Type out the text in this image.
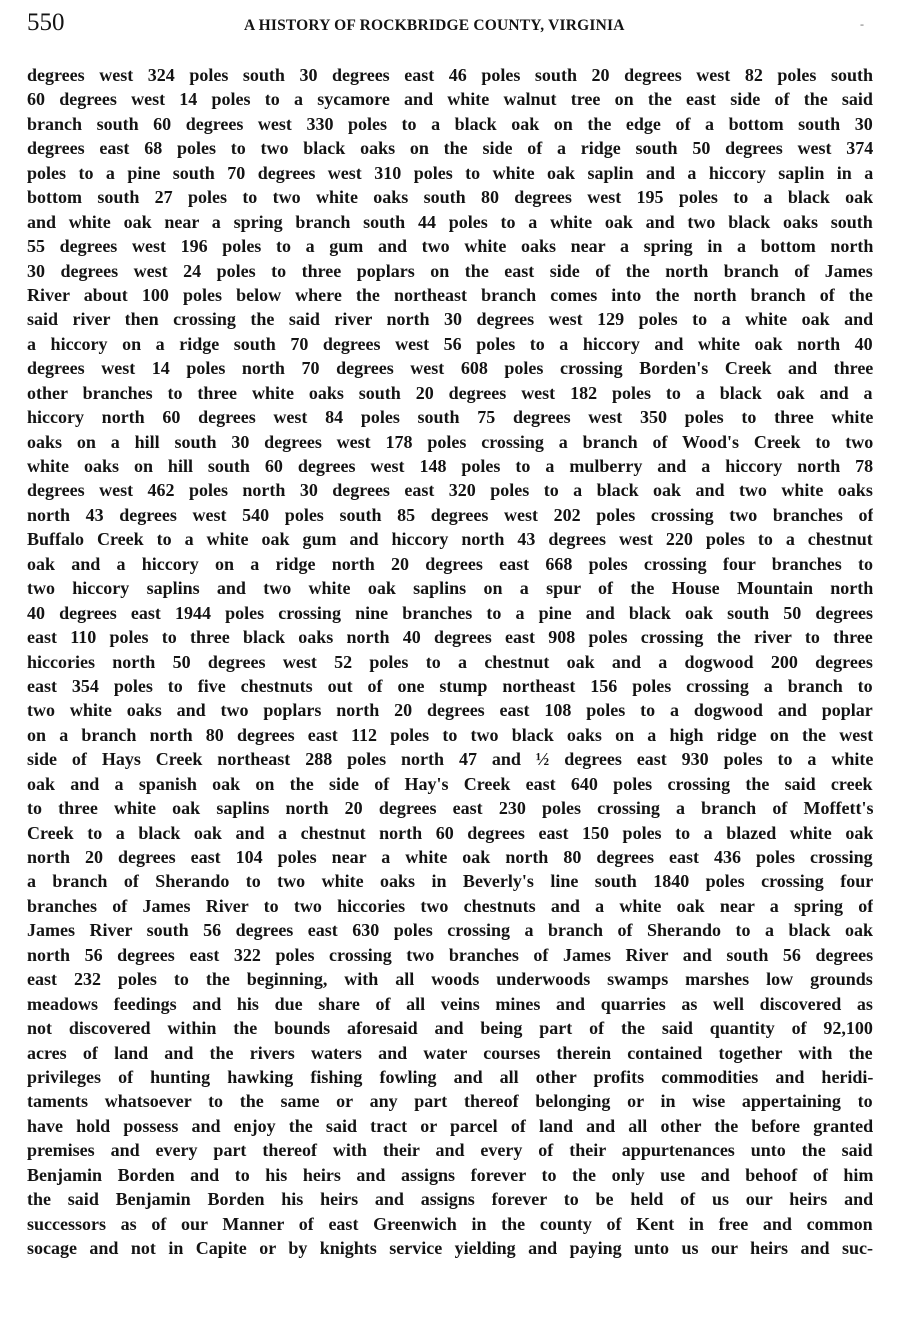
550	A HISTORY OF ROCKBRIDGE COUNTY, VIRGINIA	-
degrees west 324 poles south 30 degrees east 46 poles south 20 degrees west 82 poles south
60 degrees west 14 poles to a sycamore and white walnut tree on the east side of the said
branch south 60 degrees west 330 poles to a black oak on the edge of a bottom south 30
degrees east 68 poles to two black oaks on the side of a ridge south 50 degrees west 374
poles to a pine south 70 degrees west 310 poles to white oak saplin and a hiccory saplin in a
bottom south 27 poles to two white oaks south 80 degrees west 195 poles to a black oak
and white oak near a spring branch south 44 poles to a white oak and two black oaks south
55 degrees west 196 poles to a gum and two white oaks near a spring in a bottom north
30 degrees west 24 poles to three poplars on the east side of the north branch of James
River about 100 poles below where the northeast branch comes into the north branch of the
said river then crossing the said river north 30 degrees west 129 poles to a white oak and
a hiccory on a ridge south 70 degrees west 56 poles to a hiccory and white oak north 40
degrees west 14 poles north 70 degrees west 608 poles crossing Borden's Creek and three
other branches to three white oaks south 20 degrees west 182 poles to a black oak and a
hiccory north 60 degrees west 84 poles south 75 degrees west 350 poles to three white
oaks on a hill south 30 degrees west 178 poles crossing a branch of Wood's Creek to two
white oaks on hill south 60 degrees west 148 poles to a mulberry and a hiccory north 78
degrees west 462 poles north 30 degrees east 320 poles to a black oak and two white oaks
north 43 degrees west 540 poles south 85 degrees west 202 poles crossing two branches of
Buffalo Creek to a white oak gum and hiccory north 43 degrees west 220 poles to a chestnut
oak and a hiccory on a ridge north 20 degrees east 668 poles crossing four branches to
two hiccory saplins and two white oak saplins on a spur of the House Mountain north
40 degrees east 1944 poles crossing nine branches to a pine and black oak south 50 degrees
east 110 poles to three black oaks north 40 degrees east 908 poles crossing the river to three
hiccories north 50 degrees west 52 poles to a chestnut oak and a dogwood 200 degrees
east 354 poles to five chestnuts out of one stump northeast 156 poles crossing a branch to
two white oaks and two poplars north 20 degrees east 108 poles to a dogwood and poplar
on a branch north 80 degrees east 112 poles to two black oaks on a high ridge on the west
side of Hays Creek northeast 288 poles north 47 and ½ degrees east 930 poles to a white
oak and a spanish oak on the side of Hay's Creek east 640 poles crossing the said creek
to three white oak saplins north 20 degrees east 230 poles crossing a branch of Moffett's
Creek to a black oak and a chestnut north 60 degrees east 150 poles to a blazed white oak
north 20 degrees east 104 poles near a white oak north 80 degrees east 436 poles crossing
a branch of Sherando to two white oaks in Beverly's line south 1840 poles crossing four
branches of James River to two hiccories two chestnuts and a white oak near a spring of
James River south 56 degrees east 630 poles crossing a branch of Sherando to a black oak
north 56 degrees east 322 poles crossing two branches of James River and south 56 degrees
east 232 poles to the beginning, with all woods underwoods swamps marshes low grounds
meadows feedings and his due share of all veins mines and quarries as well discovered as
not discovered within the bounds aforesaid and being part of the said quantity of 92,100
acres of land and the rivers waters and water courses therein contained together with the
privileges of hunting hawking fishing fowling and all other profits commodities and heridi-
taments whatsoever to the same or any part thereof belonging or in wise appertaining to
have hold possess and enjoy the said tract or parcel of land and all other the before granted
premises and every part thereof with their and every of their appurtenances unto the said
Benjamin Borden and to his heirs and assigns forever to the only use and behoof of him
the said Benjamin Borden his heirs and assigns forever to be held of us our heirs and
successors as of our Manner of east Greenwich in the county of Kent in free and common
socage and not in Capite or by knights service yielding and paying unto us our heirs and suc-
